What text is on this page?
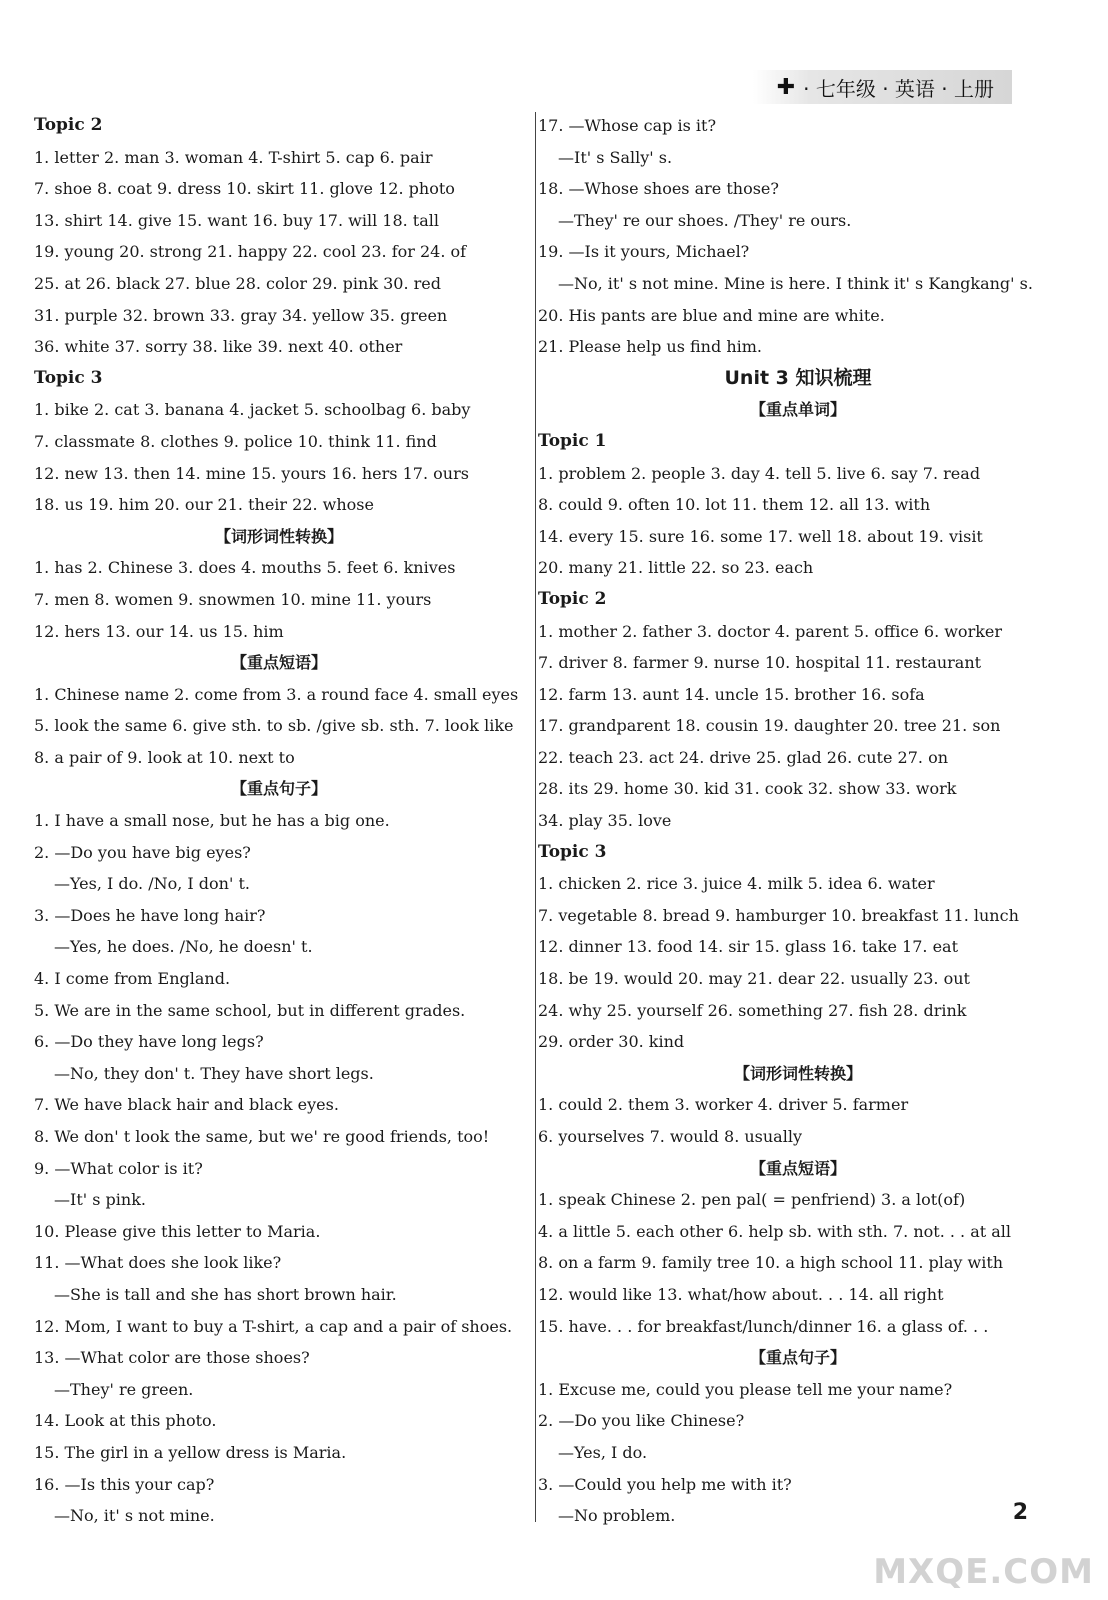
✚ · 七年级 · 英语 · 上册
Topic 2
1. letter 2. man 3. woman 4. T-shirt 5. cap 6. pair
7. shoe 8. coat 9. dress 10. skirt 11. glove 12. photo
13. shirt 14. give 15. want 16. buy 17. will 18. tall
19. young 20. strong 21. happy 22. cool 23. for 24. of
25. at 26. black 27. blue 28. color 29. pink 30. red
31. purple 32. brown 33. gray 34. yellow 35. green
36. white 37. sorry 38. like 39. next 40. other
Topic 3
1. bike 2. cat 3. banana 4. jacket 5. schoolbag 6. baby
7. classmate 8. clothes 9. police 10. think 11. find
12. new 13. then 14. mine 15. yours 16. hers 17. ours
18. us 19. him 20. our 21. their 22. whose
【词形词性转换】
1. has 2. Chinese 3. does 4. mouths 5. feet 6. knives
7. men 8. women 9. snowmen 10. mine 11. yours
12. hers 13. our 14. us 15. him
【重点短语】
1. Chinese name 2. come from 3. a round face 4. small eyes
5. look the same 6. give sth. to sb. /give sb. sth. 7. look like
8. a pair of 9. look at 10. next to
【重点句子】
1. I have a small nose, but he has a big one.
2. —Do you have big eyes?
—Yes, I do. /No, I don' t.
3. —Does he have long hair?
—Yes, he does. /No, he doesn' t.
4. I come from England.
5. We are in the same school, but in different grades.
6. —Do they have long legs?
—No, they don' t. They have short legs.
7. We have black hair and black eyes.
8. We don' t look the same, but we' re good friends, too!
9. —What color is it?
—It' s pink.
10. Please give this letter to Maria.
11. —What does she look like?
—She is tall and she has short brown hair.
12. Mom, I want to buy a T-shirt, a cap and a pair of shoes.
13. —What color are those shoes?
—They' re green.
14. Look at this photo.
15. The girl in a yellow dress is Maria.
16. —Is this your cap?
—No, it' s not mine.
17. —Whose cap is it?
—It' s Sally' s.
18. —Whose shoes are those?
—They' re our shoes. /They' re ours.
19. —Is it yours, Michael?
—No, it' s not mine. Mine is here. I think it' s Kangkang' s.
20. His pants are blue and mine are white.
21. Please help us find him.
Unit 3 知识梳理
【重点单词】
Topic 1
1. problem 2. people 3. day 4. tell 5. live 6. say 7. read
8. could 9. often 10. lot 11. them 12. all 13. with
14. every 15. sure 16. some 17. well 18. about 19. visit
20. many 21. little 22. so 23. each
Topic 2
1. mother 2. father 3. doctor 4. parent 5. office 6. worker
7. driver 8. farmer 9. nurse 10. hospital 11. restaurant
12. farm 13. aunt 14. uncle 15. brother 16. sofa
17. grandparent 18. cousin 19. daughter 20. tree 21. son
22. teach 23. act 24. drive 25. glad 26. cute 27. on
28. its 29. home 30. kid 31. cook 32. show 33. work
34. play 35. love
Topic 3
1. chicken 2. rice 3. juice 4. milk 5. idea 6. water
7. vegetable 8. bread 9. hamburger 10. breakfast 11. lunch
12. dinner 13. food 14. sir 15. glass 16. take 17. eat
18. be 19. would 20. may 21. dear 22. usually 23. out
24. why 25. yourself 26. something 27. fish 28. drink
29. order 30. kind
【词形词性转换】
1. could 2. them 3. worker 4. driver 5. farmer
6. yourselves 7. would 8. usually
【重点短语】
1. speak Chinese 2. pen pal( = penfriend) 3. a lot(of)
4. a little 5. each other 6. help sb. with sth. 7. not. . . at all
8. on a farm 9. family tree 10. a high school 11. play with
12. would like 13. what/how about. . . 14. all right
15. have. . . for breakfast/lunch/dinner 16. a glass of. . .
【重点句子】
1. Excuse me, could you please tell me your name?
2. —Do you like Chinese?
—Yes, I do.
3. —Could you help me with it?
—No problem.	2
MXQE.COM
